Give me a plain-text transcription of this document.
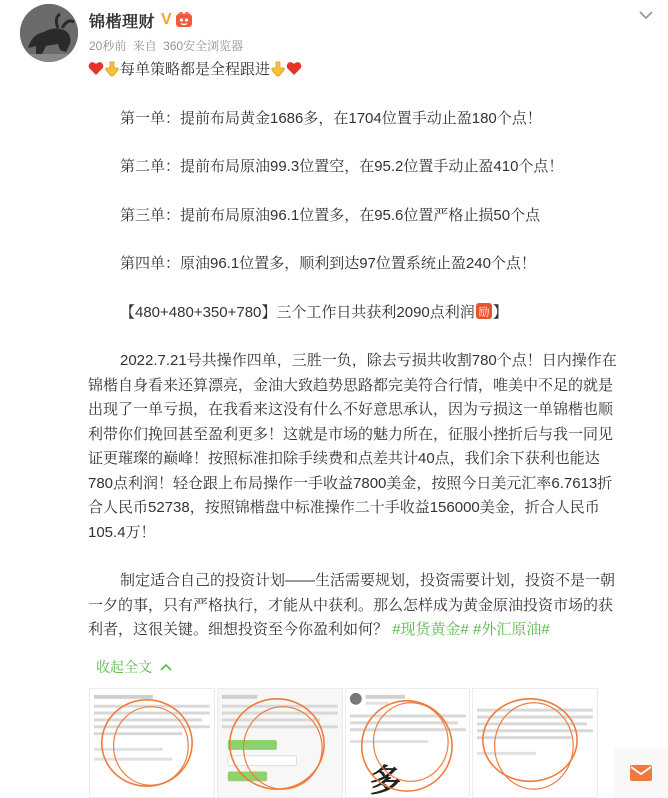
锦楷理财 V
20秒前 来自 360安全浏览器
每单策略都是全程跟进
第一单：提前布局黄金1686多，在1704位置手动止盈180个点！
第二单：提前布局原油99.3位置空，在95.2位置手动止盈410个点！
第三单：提前布局原油96.1位置多，在95.6位置严格止损50个点
第四单：原油96.1位置多，顺利到达97位置系统止盈240个点！
【480+480+350+780】三个工作日共获利2090点利润 励 】
2022.7.21号共操作四单，三胜一负，除去亏损共收割780个点！日内操作在
锦楷自身看来还算漂亮，金油大致趋势思路都完美符合行情，唯美中不足的就是
出现了一单亏损，在我看来这没有什么不好意思承认，因为亏损这一单锦楷也顺
利带你们挽回甚至盈利更多！这就是市场的魅力所在，征服小挫折后与我一同见
证更璀璨的巅峰！按照标准扣除手续费和点差共计40点，我们余下获利也能达
780点利润！轻仓跟上布局操作一手收益7800美金，按照今日美元汇率6.7613折
合人民币52738，按照锦楷盘中标准操作二十手收益156000美金，折合人民币
105.4万！
制定适合自己的投资计划——生活需要规划，投资需要计划，投资不是一朝
一夕的事，只有严格执行，才能从中获利。那么怎样成为黄金原油投资市场的获
利者，这很关键。细想投资至今你盈利如何？ #现货黄金# #外汇原油#
收起全文
多
